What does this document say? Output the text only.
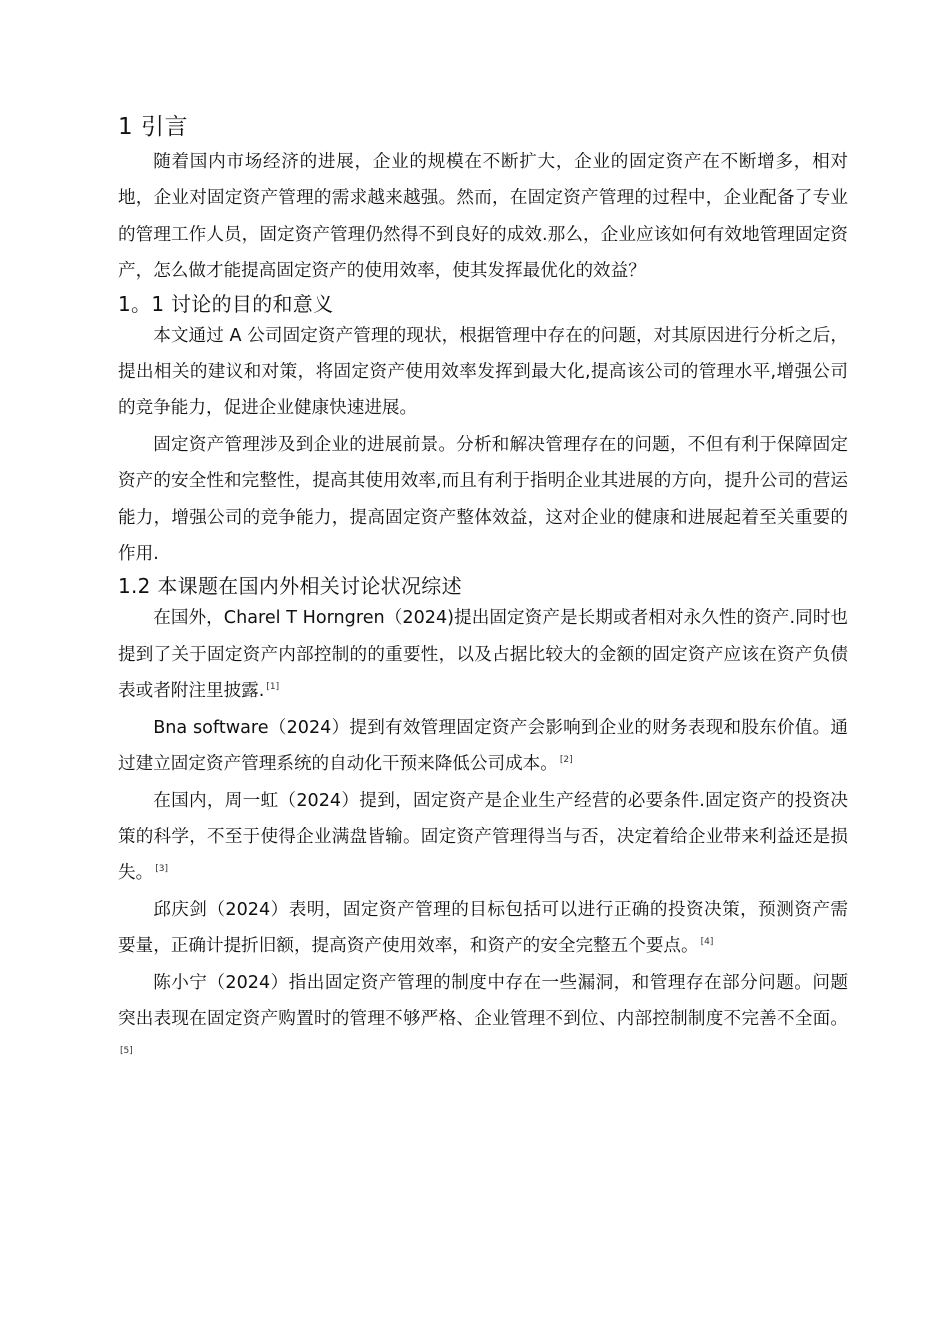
1 引言

随着国内市场经济的进展，企业的规模在不断扩大，企业的固定资产在不断增多，相对地，企业对固定资产管理的需求越来越强。然而，在固定资产管理的过程中，企业配备了专业的管理工作人员，固定资产管理仍然得不到良好的成效.那么，企业应该如何有效地管理固定资产，怎么做才能提高固定资产的使用效率，使其发挥最优化的效益？

1。1 讨论的目的和意义

本文通过 A 公司固定资产管理的现状，根据管理中存在的问题，对其原因进行分析之后，提出相关的建议和对策，将固定资产使用效率发挥到最大化,提高该公司的管理水平,增强公司的竞争能力，促进企业健康快速进展。

固定资产管理涉及到企业的进展前景。分析和解决管理存在的问题，不但有利于保障固定资产的安全性和完整性，提高其使用效率,而且有利于指明企业其进展的方向，提升公司的营运能力，增强公司的竞争能力，提高固定资产整体效益，这对企业的健康和进展起着至关重要的作用.

1.2 本课题在国内外相关讨论状况综述

在国外，Charel T Horngren（2024)提出固定资产是长期或者相对永久性的资产.同时也提到了关于固定资产内部控制的的重要性，以及占据比较大的金额的固定资产应该在资产负债表或者附注里披露. [1]

Bna software（2024）提到有效管理固定资产会影响到企业的财务表现和股东价值。通过建立固定资产管理系统的自动化干预来降低公司成本。 [2]

在国内，周一虹（2024）提到，固定资产是企业生产经营的必要条件.固定资产的投资决策的科学，不至于使得企业满盘皆输。固定资产管理得当与否，决定着给企业带来利益还是损失。 [3]

邱庆剑（2024）表明，固定资产管理的目标包括可以进行正确的投资决策，预测资产需要量，正确计提折旧额，提高资产使用效率，和资产的安全完整五个要点。 [4]

陈小宁（2024）指出固定资产管理的制度中存在一些漏洞，和管理存在部分问题。问题突出表现在固定资产购置时的管理不够严格、企业管理不到位、内部控制制度不完善不全面。[5]
